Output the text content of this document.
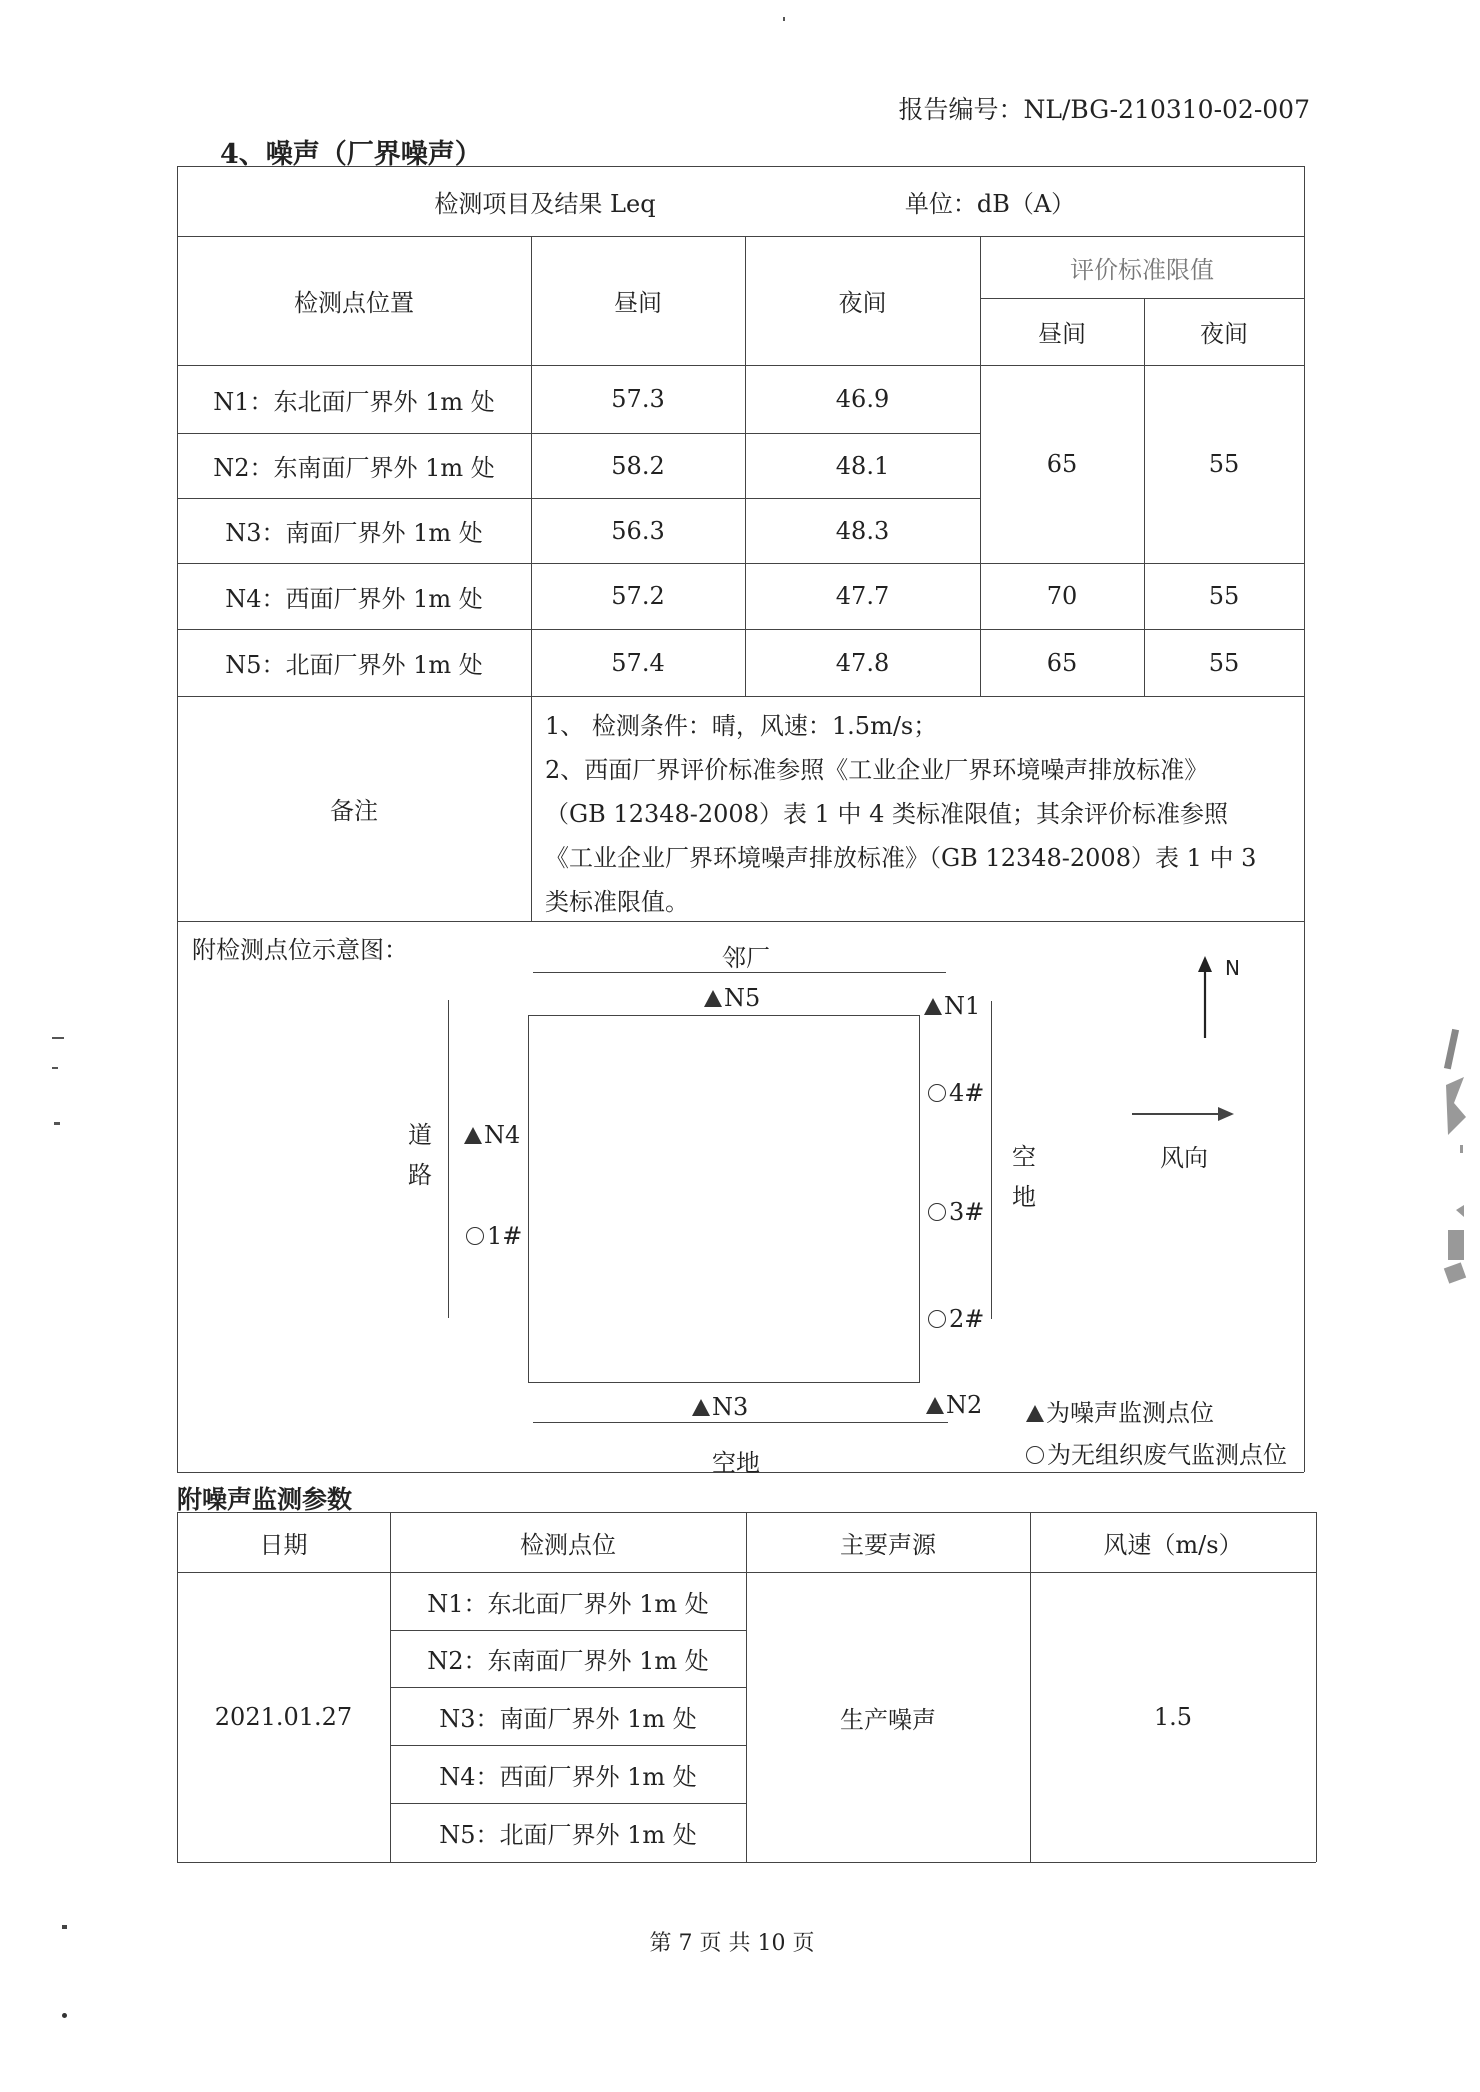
报告编号：NL/BG-210310-02-007
4、噪声（厂界噪声）
检测项目及结果 Leq	单位：dB（A）
检测点位置	昼间	夜间
评价标准限值
昼间	夜间
N1：东北面厂界外 1m 处	57.3	46.9
N2：东南面厂界外 1m 处	58.2	48.1
N3：南面厂界外 1m 处	56.3	48.3
65	55
N4：西面厂界外 1m 处	57.2	47.7	70	55
N5：北面厂界外 1m 处	57.4	47.8	65	55
备注
1、 检测条件：晴，风速：1.5m/s；
2、西面厂界评价标准参照《工业企业厂界环境噪声排放标准》
（GB 12348-2008）表 1 中 4 类标准限值；其余评价标准参照
《工业企业厂界环境噪声排放标准》（GB 12348-2008）表 1 中 3
类标准限值。
附检测点位示意图：	邻厂
道
路
空
地
空地
N5	N1
N4
N3	N2
1#
4#
3#
2#
N
风向
为噪声监测点位
为无组织废气监测点位
附噪声监测参数
日期	检测点位	主要声源	风速（m/s）
2021.01.27
N1：东北面厂界外 1m 处
N2：东南面厂界外 1m 处
N3：南面厂界外 1m 处
N4：西面厂界外 1m 处
N5：北面厂界外 1m 处
生产噪声	1.5
第 7 页 共 10 页
